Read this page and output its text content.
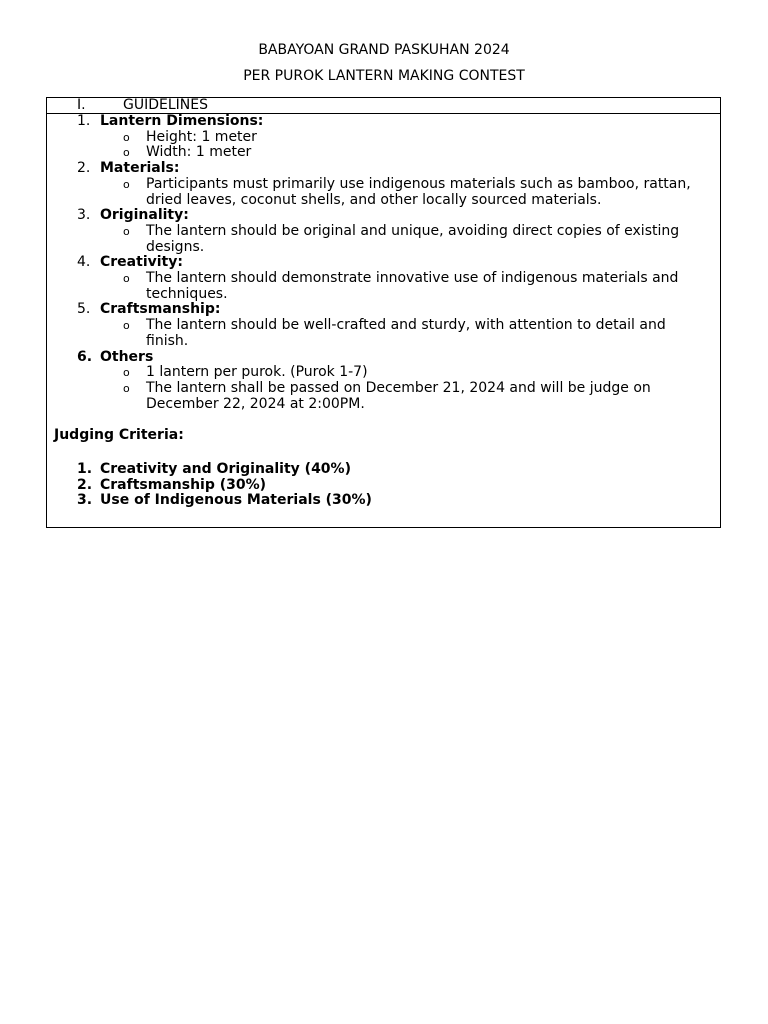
BABAYOAN GRAND PASKUHAN 2024
PER PUROK LANTERN MAKING CONTEST
I.	GUIDELINES
1. Lantern Dimensions:
o Height: 1 meter
o Width: 1 meter
2. Materials:
o Participants must primarily use indigenous materials such as bamboo, rattan, dried leaves, coconut shells, and other locally sourced materials.
3. Originality:
o The lantern should be original and unique, avoiding direct copies of existing designs.
4. Creativity:
o The lantern should demonstrate innovative use of indigenous materials and techniques.
5. Craftsmanship:
o The lantern should be well-crafted and sturdy, with attention to detail and finish.
6. Others
o 1 lantern per purok. (Purok 1-7)
o The lantern shall be passed on December 21, 2024 and will be judge on December 22, 2024 at 2:00PM.
Judging Criteria:
1. Creativity and Originality (40%)
2. Craftsmanship (30%)
3. Use of Indigenous Materials (30%)
